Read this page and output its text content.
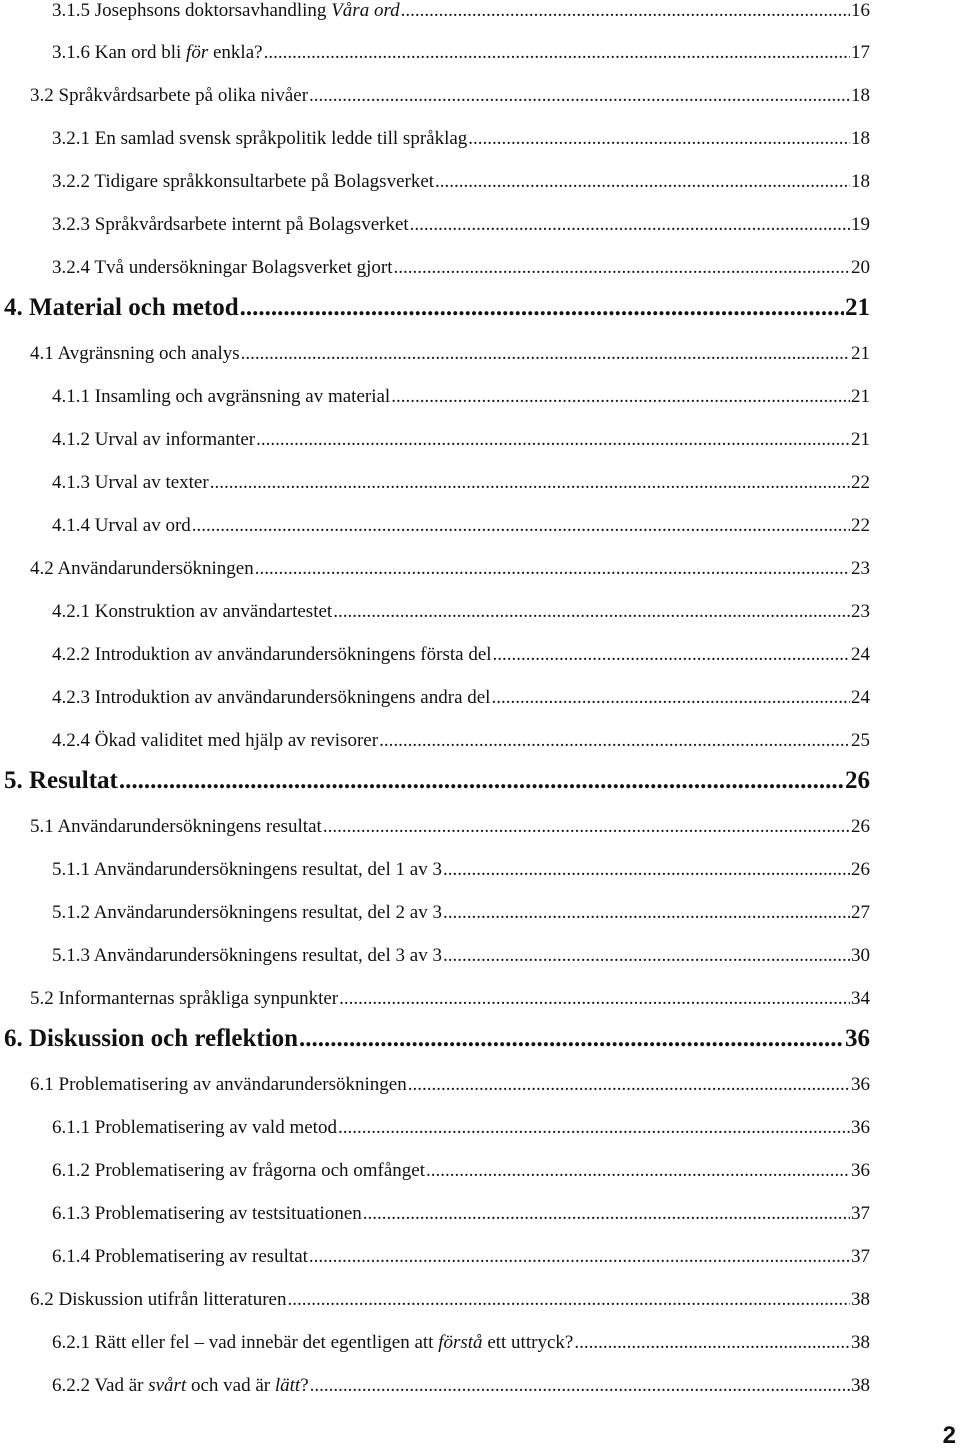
3.1.5 Josephsons doktorsavhandling Våra ord .....	16
3.1.6 Kan ord bli för enkla? .....	17
3.2 Språkvårdsarbete på olika nivåer .....	18
3.2.1 En samlad svensk språkpolitik ledde till språklag .....	18
3.2.2 Tidigare språkkonsultarbete på Bolagsverket .....	18
3.2.3 Språkvårdsarbete internt på Bolagsverket .....	19
3.2.4 Två undersökningar Bolagsverket gjort .....	20
4. Material och metod .....	21
4.1 Avgränsning och analys .....	21
4.1.1 Insamling och avgränsning av material .....	21
4.1.2 Urval av informanter .....	21
4.1.3 Urval av texter .....	22
4.1.4 Urval av ord .....	22
4.2 Användarundersökningen .....	23
4.2.1 Konstruktion av användartestet .....	23
4.2.2 Introduktion av användarundersökningens första del .....	24
4.2.3 Introduktion av användarundersökningens andra del .....	24
4.2.4 Ökad validitet med hjälp av revisorer .....	25
5. Resultat .....	26
5.1 Användarundersökningens resultat .....	26
5.1.1 Användarundersökningens resultat, del 1 av 3 .....	26
5.1.2 Användarundersökningens resultat, del 2 av 3 .....	27
5.1.3 Användarundersökningens resultat, del 3 av 3 .....	30
5.2 Informanternas språkliga synpunkter .....	34
6. Diskussion och reflektion .....	36
6.1 Problematisering av användarundersökningen .....	36
6.1.1 Problematisering av vald metod .....	36
6.1.2 Problematisering av frågorna och omfånget .....	36
6.1.3 Problematisering av testsituationen .....	37
6.1.4 Problematisering av resultat .....	37
6.2 Diskussion utifrån litteraturen .....	38
6.2.1 Rätt eller fel – vad innebär det egentligen att förstå ett uttryck? .....	38
6.2.2 Vad är svårt och vad är lätt? .....	38
2
